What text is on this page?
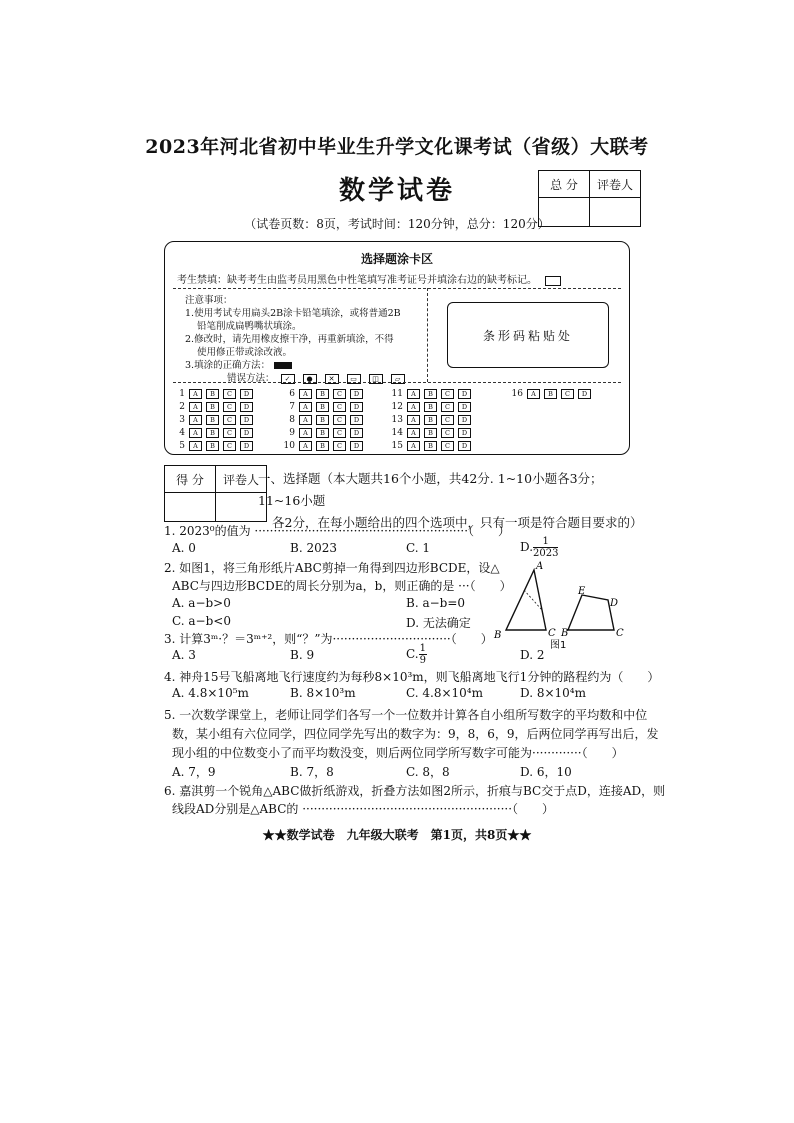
2023年河北省初中毕业生升学文化课考试（省级）大联考
数学试卷
（试卷页数：8页，考试时间：120分钟，总分：120分）
总 分	评卷人

选择题涂卡区
考生禁填：缺考考生由监考员用黑色中性笔填写准考证号并填涂右边的缺考标记。
注意事项：
1.使用考试专用扁头2B涂卡铅笔填涂，或将普通2B
铅笔削成扁鸭嘴状填涂。
2.修改时，请先用橡皮擦干净，再重新填涂，不得
使用修正带或涂改液。
3.填涂的正确方法：
错误方法： ✓ ● ✕ ▭ ◫ ▱
条形码粘贴处
1 A B C D
2 A B C D
3 A B C D
4 A B C D
5 A B C D
6 A B C D
7 A B C D
8 A B C D
9 A B C D
10 A B C D
11 A B C D
12 A B C D
13 A B C D
14 A B C D
15 A B C D
16 A B C D
得 分	评卷人
	一、选择题（本大题共16个小题，共42分. 1~10小题各3分；11~16小题
各2分，在每小题给出的四个选项中，只有一项是符合题目要求的）
1. 2023⁰的值为 ························································（　　）
A. 0	B. 2023	C. 1	D. $\frac{1}{2023}$
2. 如图1，将三角形纸片ABC剪掉一角得到四边形BCDE，设△
ABC与四边形BCDE的周长分别为a，b，则正确的是 ···（　　）
A. a−b>0	B. a−b=0
C. a−b<0	D. 无法确定
A
B	C B	C
E
D
图1
3. 计算3ᵐ·？＝3ᵐ⁺²，则“？”为·······························（　　）
A. 3	B. 9	C. $\frac{1}{9}$	D. 2
4. 神舟15号飞船离地飞行速度约为每秒8×10³m，则飞船离地飞行1分钟的路程约为（　　）
A. 4.8×10⁵m	B. 8×10³m	C. 4.8×10⁴m	D. 8×10⁴m
5. 一次数学课堂上，老师让同学们各写一个一位数并计算各自小组所写数字的平均数和中位
数，某小组有六位同学，四位同学先写出的数字为：9，8，6，9，后两位同学再写出后，发
现小组的中位数变小了而平均数没变，则后两位同学所写数字可能为·············（　　）
A. 7，9	B. 7，8	C. 8，8	D. 6，10
6. 嘉淇剪一个锐角△ABC做折纸游戏，折叠方法如图2所示，折痕与BC交于点D，连接AD，则
线段AD分别是△ABC的 ·······················································（　　）
★★数学试卷　九年级大联考　第1页，共8页★★
